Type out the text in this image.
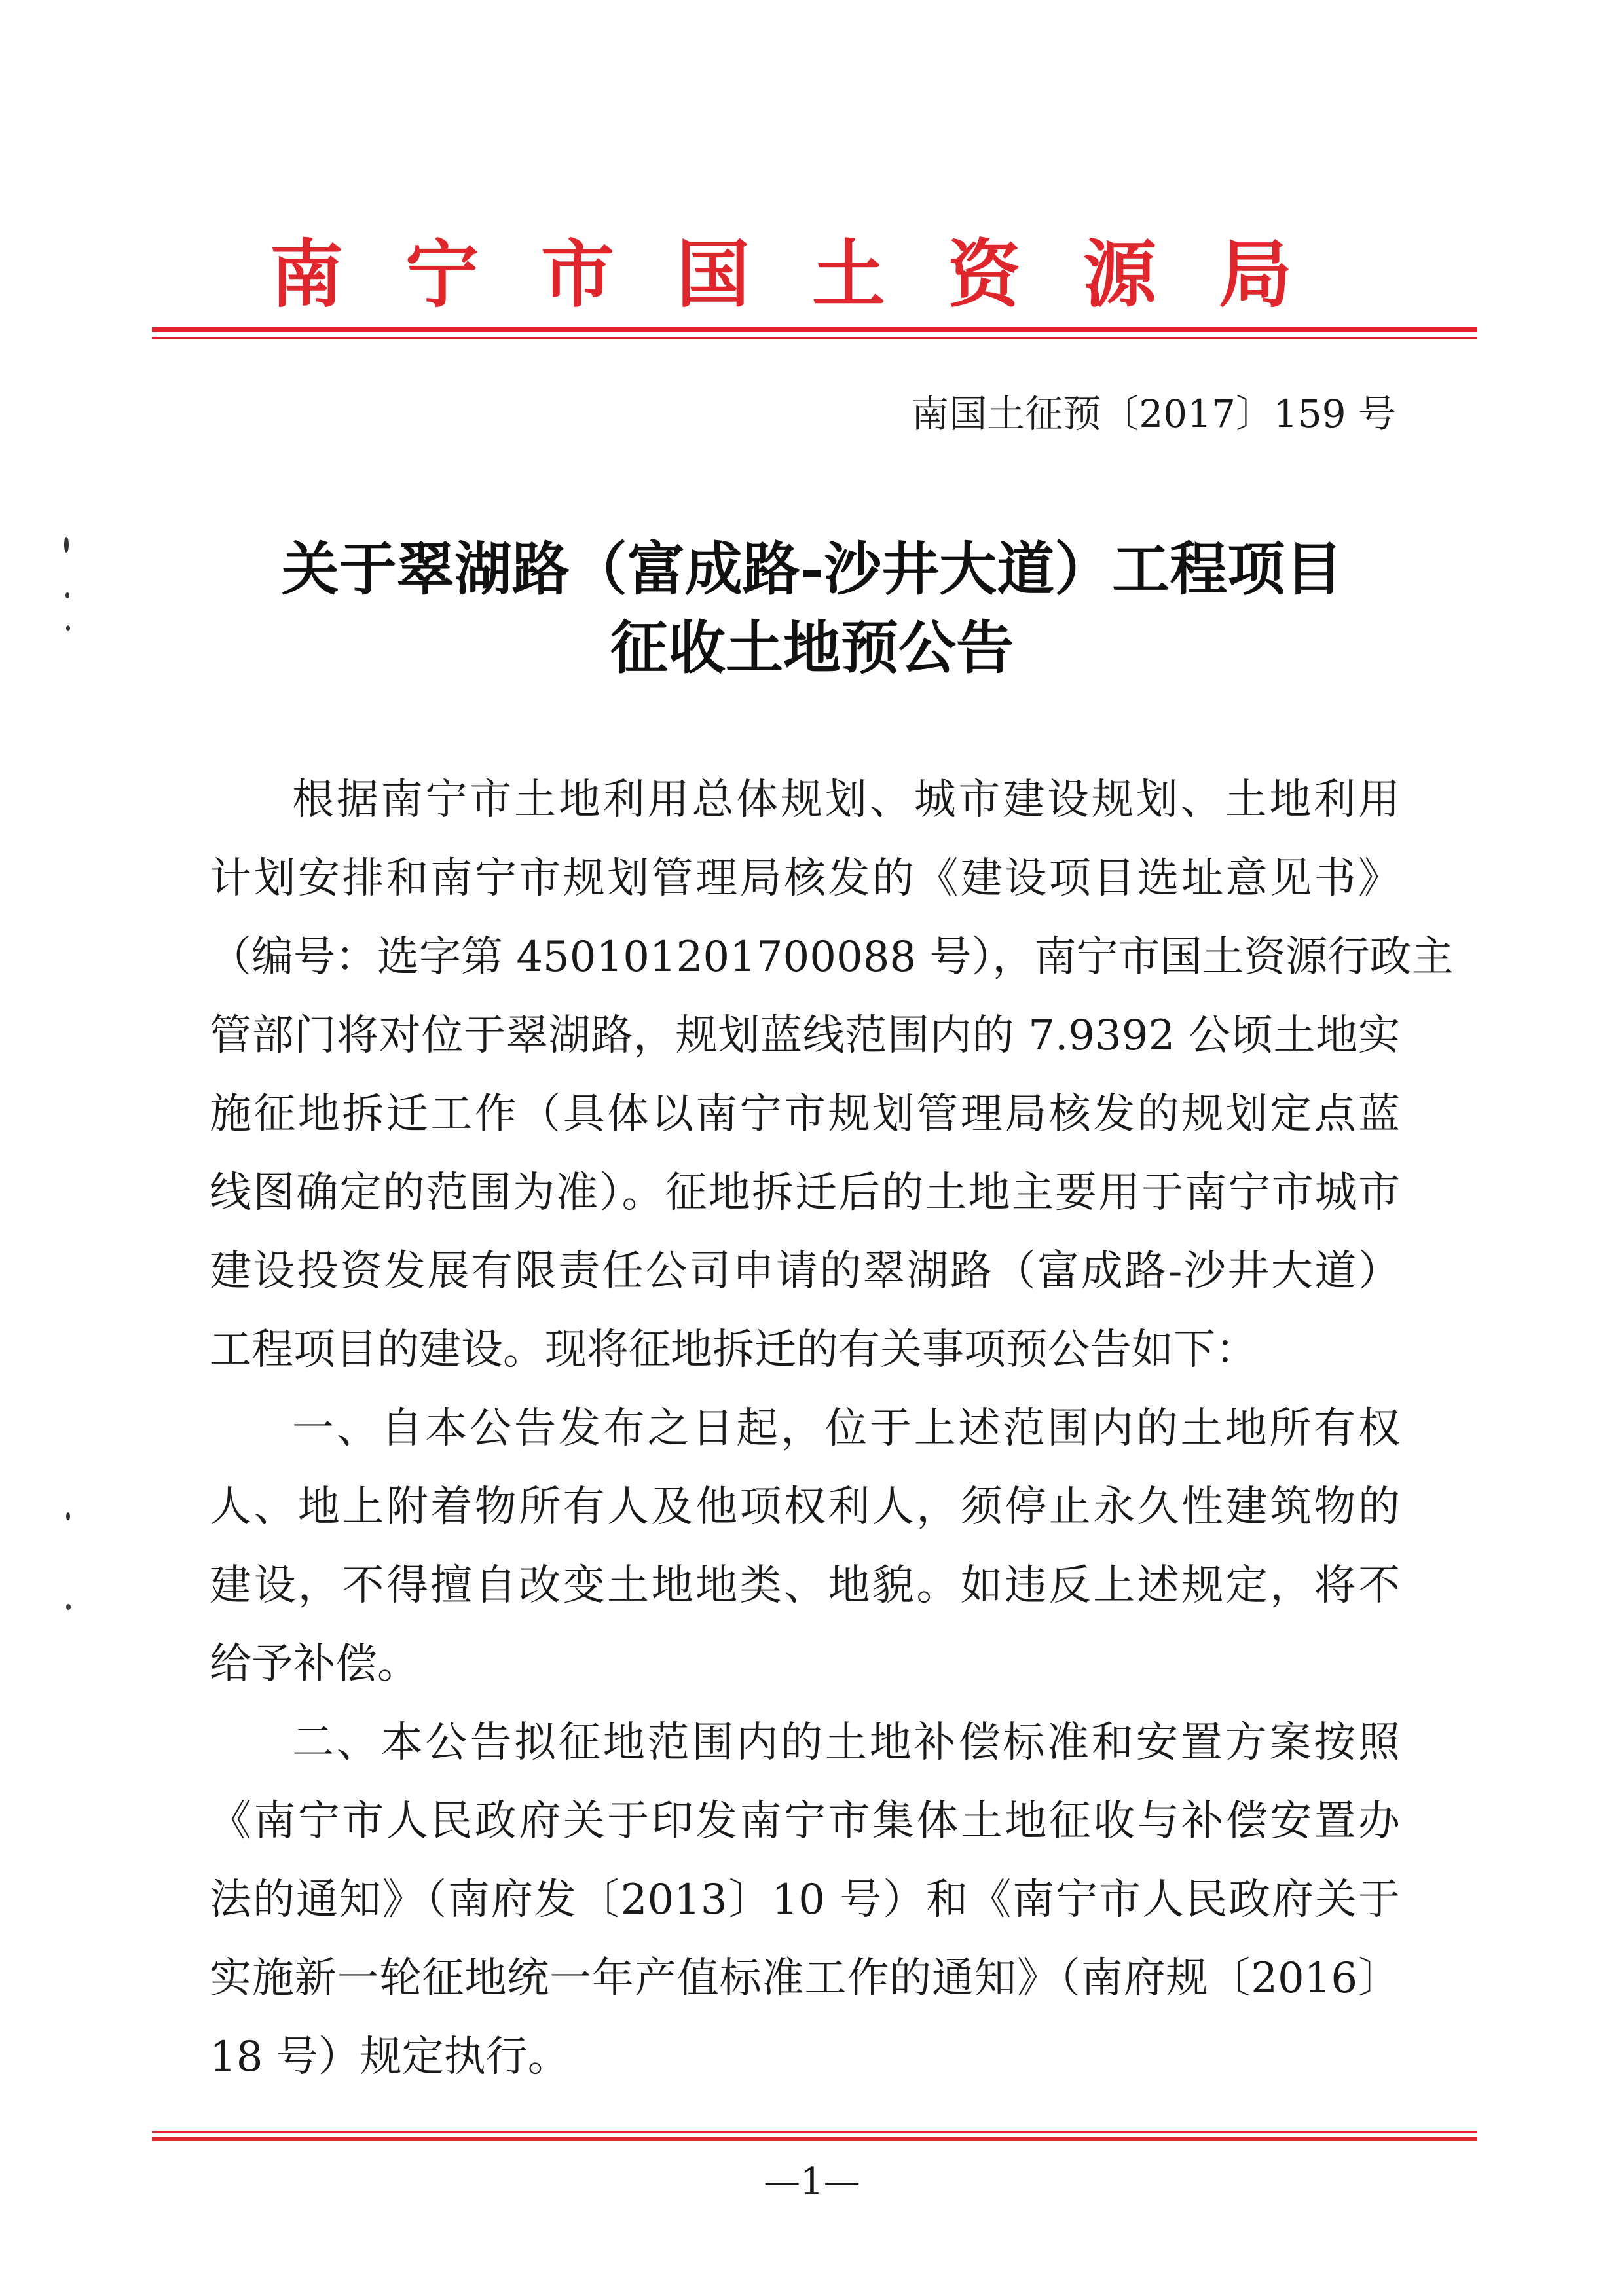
南宁市国土资源局
南国土征预〔2017〕159 号
关于翠湖路（富成路-沙井大道）工程项目
征收土地预公告
根据南宁市土地利用总体规划、城市建设规划、土地利用
计划安排和南宁市规划管理局核发的《建设项目选址意见书》
（编号：选字第 450101201700088 号），南宁市国土资源行政主
管部门将对位于翠湖路，规划蓝线范围内的 7.9392 公顷土地实
施征地拆迁工作（具体以南宁市规划管理局核发的规划定点蓝
线图确定的范围为准）。征地拆迁后的土地主要用于南宁市城市
建设投资发展有限责任公司申请的翠湖路（富成路-沙井大道）
工程项目的建设。现将征地拆迁的有关事项预公告如下：
一、自本公告发布之日起，位于上述范围内的土地所有权
人、地上附着物所有人及他项权利人，须停止永久性建筑物的
建设，不得擅自改变土地地类、地貌。如违反上述规定，将不
给予补偿。
二、本公告拟征地范围内的土地补偿标准和安置方案按照
《南宁市人民政府关于印发南宁市集体土地征收与补偿安置办
法的通知》（南府发〔2013〕10 号）和《南宁市人民政府关于
实施新一轮征地统一年产值标准工作的通知》（南府规〔2016〕
18 号）规定执行。
—1—
